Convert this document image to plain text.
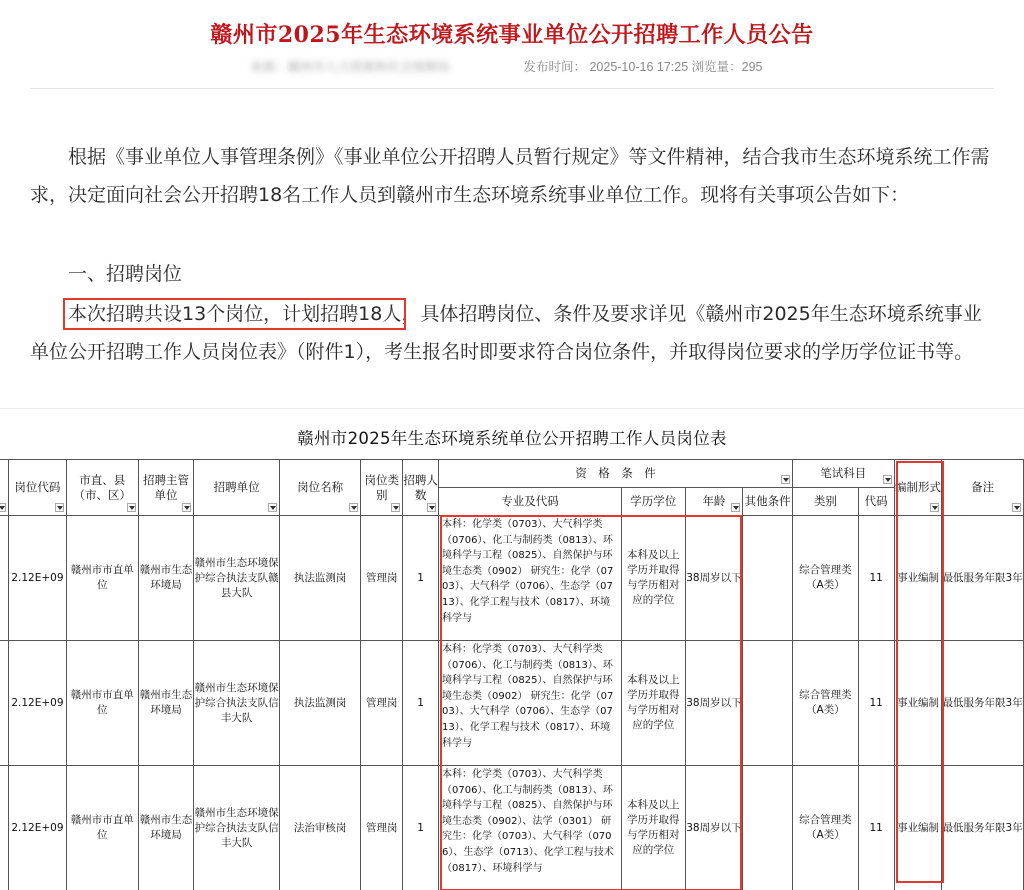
赣州市2025年生态环境系统事业单位公开招聘工作人员公告
来源：赣州市人力资源和社会保障局	发布时间： 2025-10-16 17:25 浏览量：295
根据《事业单位人事管理条例》《事业单位公开招聘人员暂行规定》等文件精神，结合我市生态环境系统工作需求，决定面向社会公开招聘18名工作人员到赣州市生态环境系统事业单位工作。现将有关事项公告如下：
一、招聘岗位
本次招聘共设13个岗位，计划招聘18人，具体招聘岗位、条件及要求详见《赣州市2025年生态环境系统事业单位公开招聘工作人员岗位表》（附件1），考生报名时即要求符合岗位条件，并取得岗位要求的学历学位证书等。
赣州市2025年生态环境系统单位公开招聘工作人员岗位表
	岗位代码	市直、县（市、区）	招聘主管单位	招聘单位	岗位名称	岗位类别	招聘人数	资　格　条　件				笔试科目		编制形式	备注

								专业及代码	学历学位	年龄	其他条件	类别	代码		
	2.12E+09	赣州市市直单位	赣州市生态环境局	赣州市生态环境保护综合执法支队赣县大队	执法监测岗	管理岗	1	本科：化学类（0703）、大气科学类（0706）、化工与制药类（0813）、环境科学与工程（0825）、自然保护与环境生态类（0902） 研究生：化学（0703）、大气科学（0706）、生态学（0713）、化学工程与技术（0817）、环境科学与	本科及以上学历并取得与学历相对应的学位	38周岁以下		综合管理类（A类）	11	事业编制	最低服务年限3年
	2.12E+09	赣州市市直单位	赣州市生态环境局	赣州市生态环境保护综合执法支队信丰大队	执法监测岗	管理岗	1	本科：化学类（0703）、大气科学类（0706）、化工与制药类（0813）、环境科学与工程（0825）、自然保护与环境生态类（0902） 研究生：化学（0703）、大气科学（0706）、生态学（0713）、化学工程与技术（0817）、环境科学与	本科及以上学历并取得与学历相对应的学位	38周岁以下		综合管理类（A类）	11	事业编制	最低服务年限3年
	2.12E+09	赣州市市直单位	赣州市生态环境局	赣州市生态环境保护综合执法支队信丰大队	法治审核岗	管理岗	1	本科：化学类（0703）、大气科学类（0706）、化工与制药类（0813）、环境科学与工程（0825）、自然保护与环境生态类（0902）、法学（0301） 研究生：化学（0703）、大气科学（0706）、生态学（0713）、化学工程与技术（0817）、环境科学与	本科及以上学历并取得与学历相对应的学位	38周岁以下		综合管理类（A类）	11	事业编制	最低服务年限3年
